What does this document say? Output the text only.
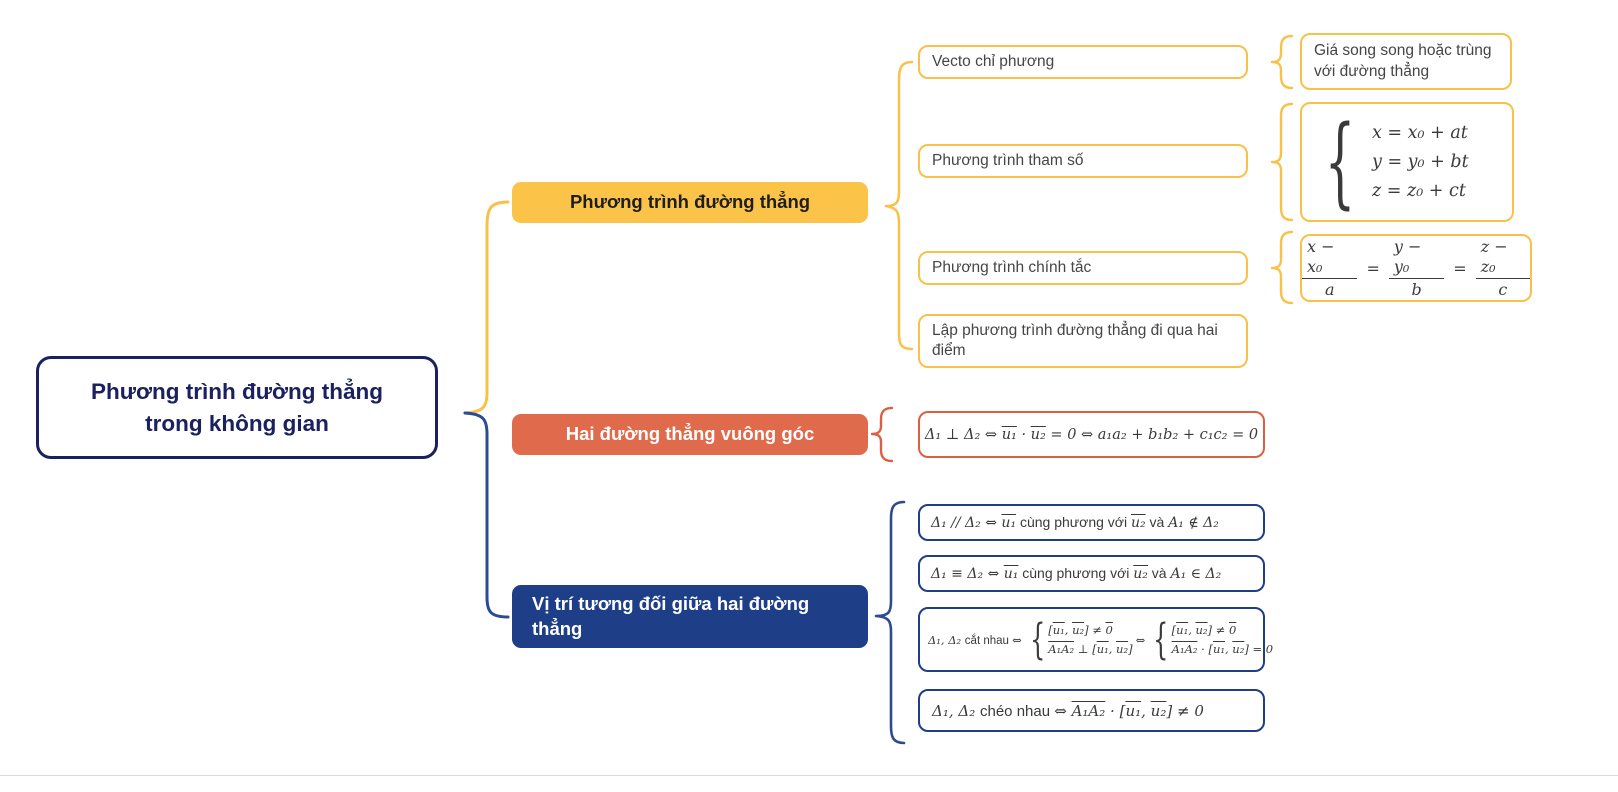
Phương trình đường thẳng trong không gian
Phương trình đường thẳng
Vecto chỉ phương
Giá song song hoặc trùng với đường thẳng
Phương trình tham số	{ x = x₀ + at
y = y₀ + bt
z = z₀ + ct
Phương trình chính tắc	$\frac{\text{x − x₀}}{a} = \frac{\text{y − y₀}}{b} = \frac{\text{z − z₀}}{c}$
Lập phương trình đường thẳng đi qua hai điểm
Hai đường thẳng vuông góc	Δ₁ ⊥ Δ₂ ⇔ u₁ · u₂ = 0 ⇔ a₁a₂ + b₁b₂ + c₁c₂ = 0
Vị trí tương đối giữa hai đường thẳng
Δ₁ // Δ₂ ⇔ u₁ cùng phương với u₂ và A₁ ∉ Δ₂
Δ₁ ≡ Δ₂ ⇔ u₁ cùng phương với u₂ và A₁ ∈ Δ₂
Δ₁, Δ₂ cắt nhau ⇔ { [u₁, u₂] ≠ 0
A₁A₂ ⊥ [u₁, u₂]
⇔ { [u₁, u₂] ≠ 0
A₁A₂ · [u₁, u₂] = 0
Δ₁, Δ₂ chéo nhau ⇔ A₁A₂ · [u₁, u₂] ≠ 0
